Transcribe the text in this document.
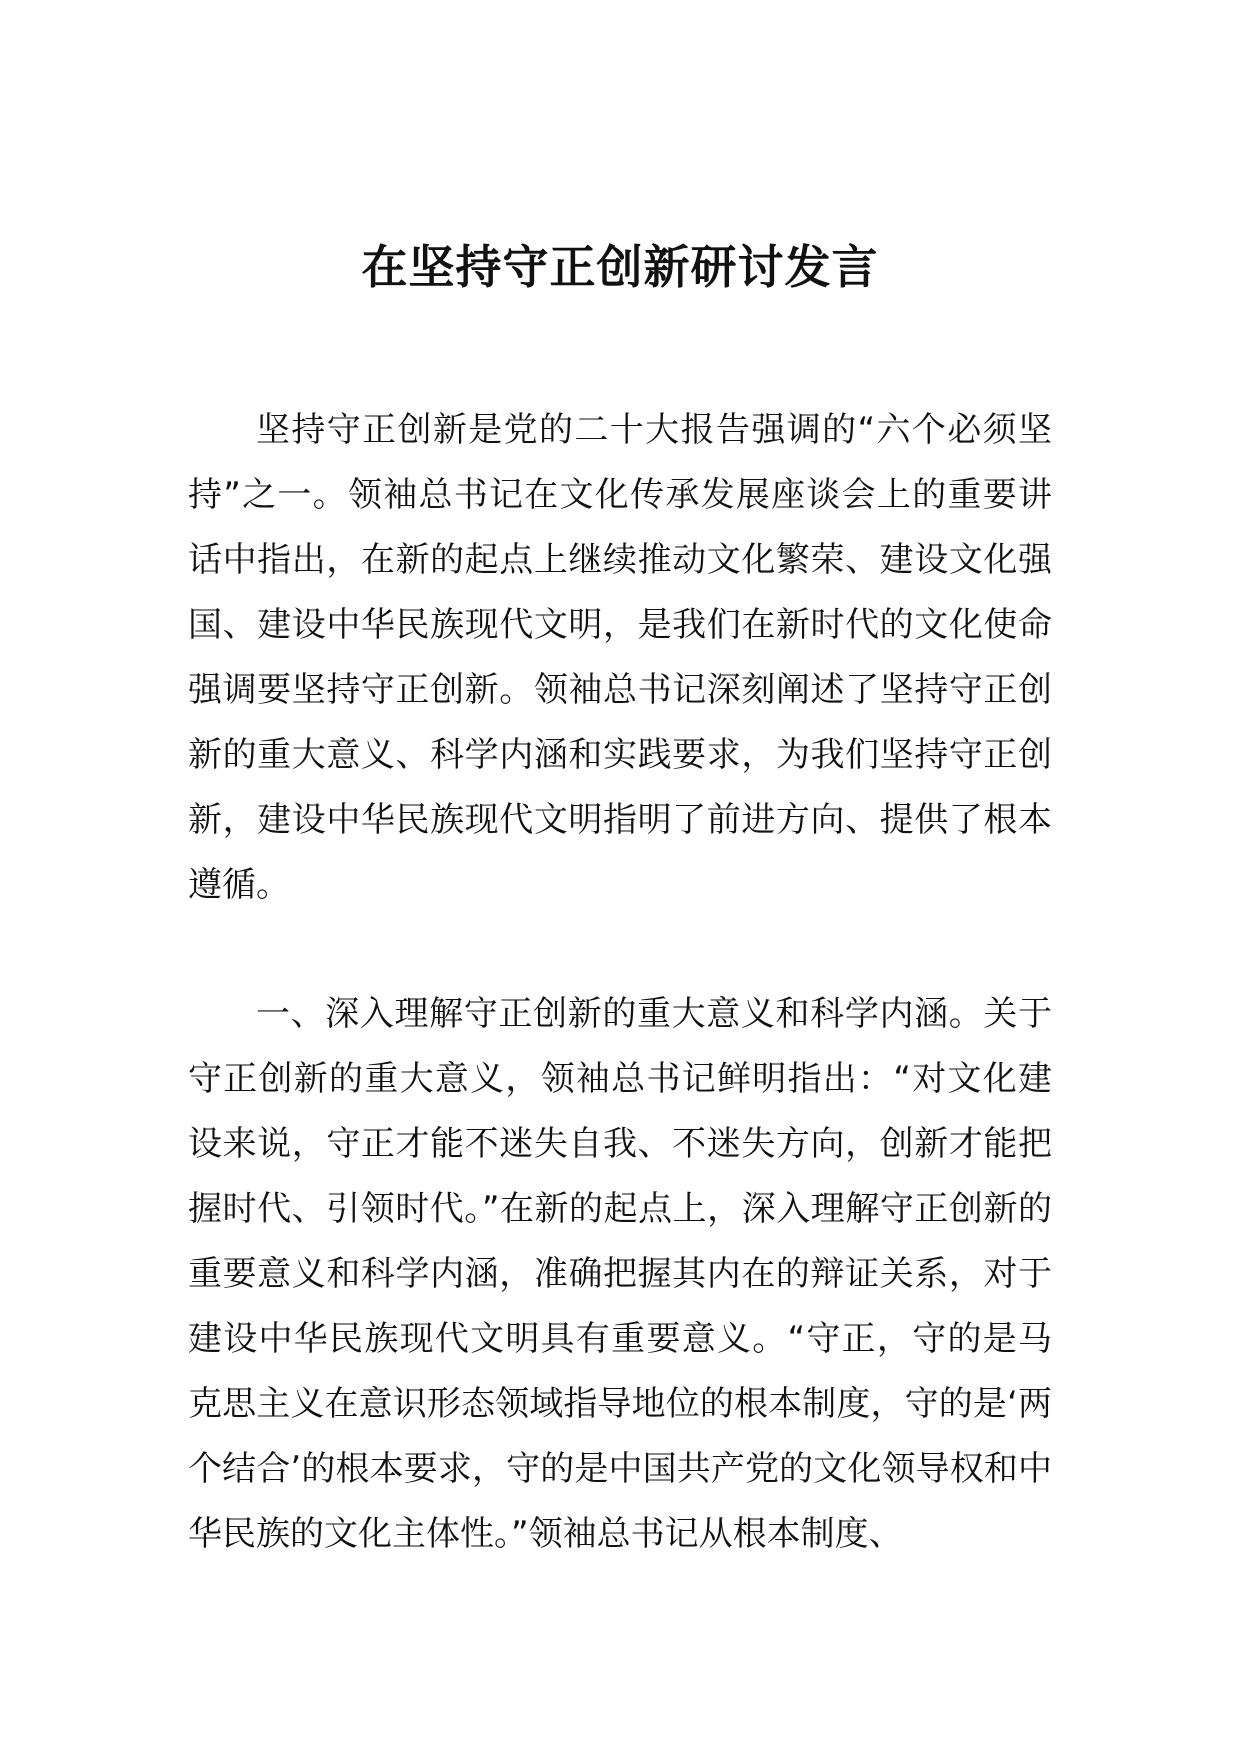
在坚持守正创新研讨发言

坚持守正创新是党的二十大报告强调的“六个必须坚持”之一。领袖总书记在文化传承发展座谈会上的重要讲话中指出，在新的起点上继续推动文化繁荣、建设文化强国、建设中华民族现代文明，是我们在新时代的文化使命强调要坚持守正创新。领袖总书记深刻阐述了坚持守正创新的重大意义、科学内涵和实践要求，为我们坚持守正创新，建设中华民族现代文明指明了前进方向、提供了根本遵循。

一、深入理解守正创新的重大意义和科学内涵。关于守正创新的重大意义，领袖总书记鲜明指出：“对文化建设来说，守正才能不迷失自我、不迷失方向，创新才能把握时代、引领时代。”在新的起点上，深入理解守正创新的重要意义和科学内涵，准确把握其内在的辩证关系，对于建设中华民族现代文明具有重要意义。“守正，守的是马克思主义在意识形态领域指导地位的根本制度，守的是‘两个结合’的根本要求，守的是中国共产党的文化领导权和中华民族的文化主体性。”领袖总书记从根本制度、
